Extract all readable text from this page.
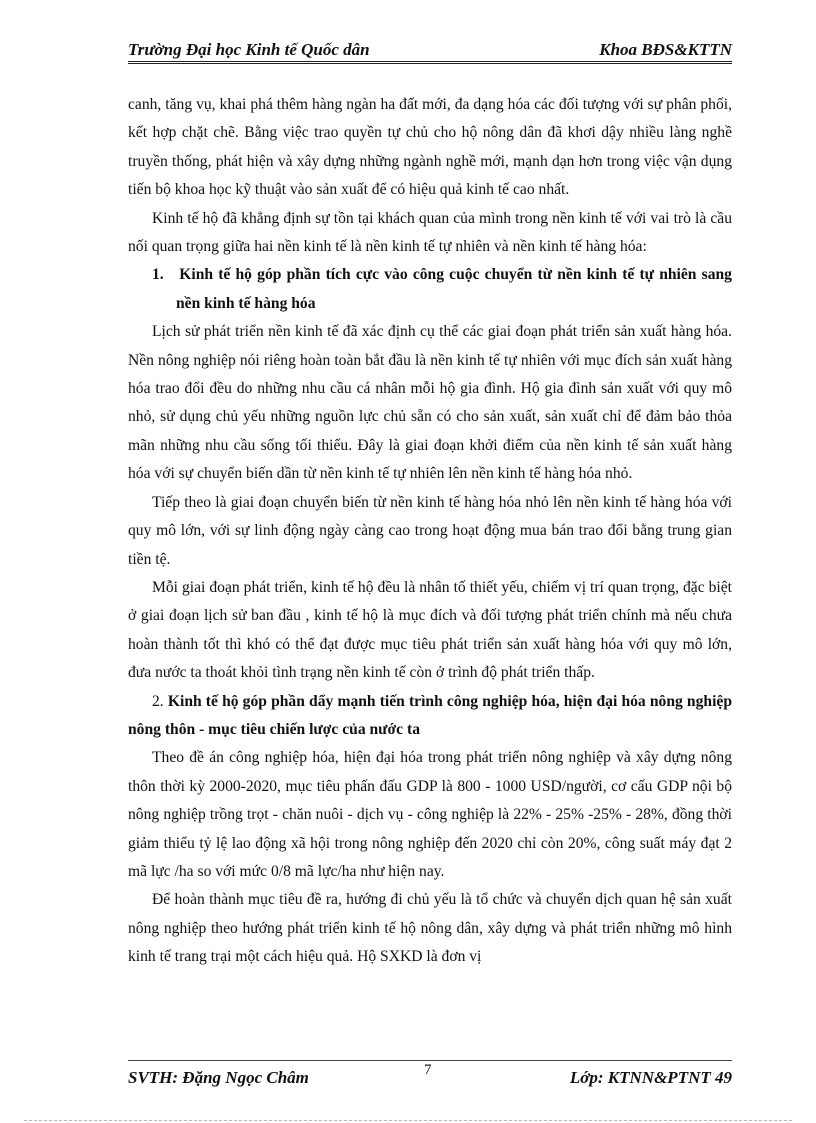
Trường Đại học Kinh tế Quốc dân	Khoa BĐS&KTTN

canh, tăng vụ, khai phá thêm hàng ngàn ha đất mới, đa dạng hóa các đối tượng với sự phân phối, kết hợp chặt chẽ. Bằng việc trao quyền tự chủ cho hộ nông dân đã khơi dậy nhiều làng nghề truyền thống, phát hiện và xây dựng những ngành nghề mới, mạnh dạn hơn trong việc vận dụng tiến bộ khoa học kỹ thuật vào sản xuất để có hiệu quả kinh tế cao nhất.

Kinh tế hộ đã khẳng định sự tồn tại khách quan của mình trong nền kinh tế với vai trò là cầu nối quan trọng giữa hai nền kinh tế là nền kinh tế tự nhiên và nền kinh tế hàng hóa:

1. Kinh tế hộ góp phần tích cực vào công cuộc chuyển từ nền kinh tế tự nhiên sang nền kinh tế hàng hóa

Lịch sử phát triển nền kinh tế đã xác định cụ thể các giai đoạn phát triển sản xuất hàng hóa. Nền nông nghiệp nói riêng hoàn toàn bắt đầu là nền kinh tế tự nhiên với mục đích sản xuất hàng hóa trao đổi đều do những nhu cầu cá nhân mỗi hộ gia đình. Hộ gia đình sản xuất với quy mô nhỏ, sử dụng chủ yếu những nguồn lực chủ sẵn có cho sản xuất, sản xuất chỉ để đảm bảo thỏa mãn những nhu cầu sống tối thiểu. Đây là giai đoạn khởi điểm của nền kinh tế sản xuất hàng hóa với sự chuyển biến dần từ nền kinh tế tự nhiên lên nền kinh tế hàng hóa nhỏ.

Tiếp theo là giai đoạn chuyển biến từ nền kinh tế hàng hóa nhỏ lên nền kinh tế hàng hóa với quy mô lớn, với sự linh động ngày càng cao trong hoạt động mua bán trao đổi bằng trung gian tiền tệ.

Mỗi giai đoạn phát triển, kinh tế hộ đều là nhân tố thiết yếu, chiếm vị trí quan trọng, đặc biệt ở giai đoạn lịch sử ban đầu , kinh tế hộ là mục đích và đối tượng phát triển chính mà nếu chưa hoàn thành tốt thì khó có thể đạt được mục tiêu phát triển sản xuất hàng hóa với quy mô lớn, đưa nước ta thoát khỏi tình trạng nền kinh tế còn ở trình độ phát triển thấp.

2. Kinh tế hộ góp phần dẩy mạnh tiến trình công nghiệp hóa, hiện đại hóa nông nghiệp nông thôn - mục tiêu chiến lược của nước ta

Theo đề án công nghiệp hóa, hiện đại hóa trong phát triển nông nghiệp và xây dựng nông thôn thời kỳ 2000-2020, mục tiêu phấn đấu GDP là 800 - 1000 USD/người, cơ cấu GDP nội bộ nông nghiệp trồng trọt - chăn nuôi - dịch vụ - công nghiệp là 22% - 25% -25% - 28%, đồng thời giảm thiểu tỷ lệ lao động xã hội trong nông nghiệp đến 2020 chỉ còn 20%, công suất máy đạt 2 mã lực /ha so với mức 0/8 mã lực/ha như hiện nay.

Để hoàn thành mục tiêu đề ra, hướng đi chủ yếu là tổ chức và chuyển dịch quan hệ sản xuất nông nghiệp theo hướng phát triển kinh tế hộ nông dân, xây dựng và phát triển những mô hình kinh tế trang trại một cách hiệu quả. Hộ SXKD là đơn vị

SVTH: Đặng Ngọc Châm	7	Lớp: KTNN&PTNT 49
